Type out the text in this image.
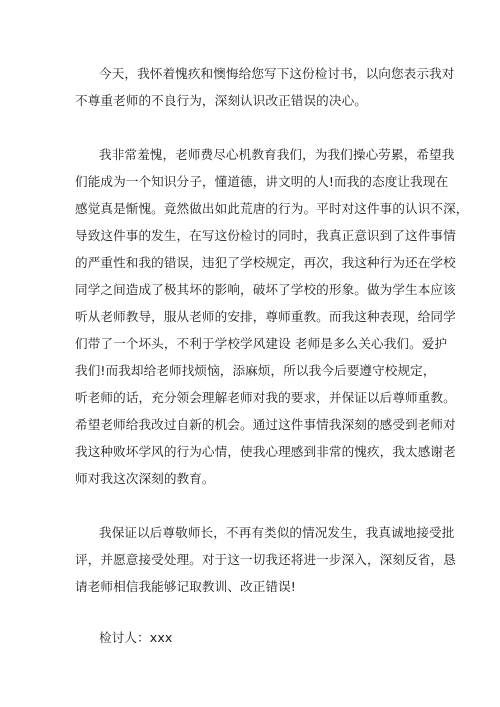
今天，我怀着愧疚和懊悔给您写下这份检讨书，以向您表示我对
不尊重老师的不良行为，深刻认识改正错误的决心。
我非常羞愧，老师费尽心机教育我们，为我们操心劳累，希望我
们能成为一个知识分子，懂道德，讲文明的人!而我的态度让我现在
感觉真是惭愧。竟然做出如此荒唐的行为。平时对这件事的认识不深，
导致这件事的发生，在写这份检讨的同时，我真正意识到了这件事情
的严重性和我的错误，违犯了学校规定，再次，我这种行为还在学校
同学之间造成了极其坏的影响，破坏了学校的形象。做为学生本应该
听从老师教导，服从老师的安排，尊师重教。而我这种表现，给同学
们带了一个坏头，不利于学校学风建设 老师是多么关心我们。爱护
我们!而我却给老师找烦恼，添麻烦，所以我今后要遵守校规定，
听老师的话，充分领会理解老师对我的要求，并保证以后尊师重教。
希望老师给我改过自新的机会。通过这件事情我深刻的感受到老师对
我这种败坏学风的行为心情，使我心理感到非常的愧疚，我太感谢老
师对我这次深刻的教育。
我保证以后尊敬师长，不再有类似的情况发生，我真诚地接受批
评，并愿意接受处理。对于这一切我还将进一步深入，深刻反省，恳
请老师相信我能够记取教训、改正错误!
检讨人：xxx
